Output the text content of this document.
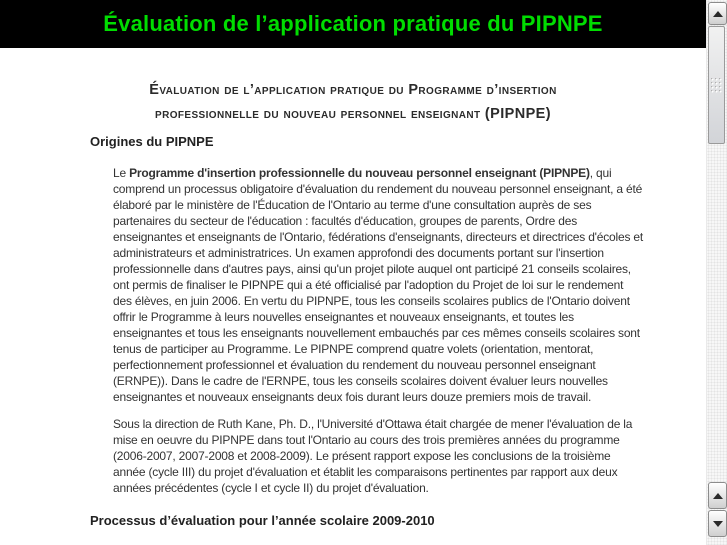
Évaluation de l’application pratique du PIPNPE
Évaluation de l’application pratique du Programme d’insertion
professionnelle du nouveau personnel enseignant (PIPNPE)
Origines du PIPNPE

Le Programme d'insertion professionnelle du nouveau personnel enseignant (PIPNPE), qui comprend un processus obligatoire d'évaluation du rendement du nouveau personnel enseignant, a été élaboré par le ministère de l'Éducation de l'Ontario au terme d'une consultation auprès de ses partenaires du secteur de l'éducation : facultés d'éducation, groupes de parents, Ordre des enseignantes et enseignants de l'Ontario, fédérations d'enseignants, directeurs et directrices d'écoles et administrateurs et administratrices. Un examen approfondi des documents portant sur l'insertion professionnelle dans d'autres pays, ainsi qu'un projet pilote auquel ont participé 21 conseils scolaires, ont permis de finaliser le PIPNPE qui a été officialisé par l'adoption du Projet de loi sur le rendement des élèves, en juin 2006. En vertu du PIPNPE, tous les conseils scolaires publics de l'Ontario doivent offrir le Programme à leurs nouvelles enseignantes et nouveaux enseignants, et toutes les enseignantes et tous les enseignants nouvellement embauchés par ces mêmes conseils scolaires sont tenus de participer au Programme. Le PIPNPE comprend quatre volets (orientation, mentorat, perfectionnement professionnel et évaluation du rendement du nouveau personnel enseignant (ERNPE)). Dans le cadre de l'ERNPE, tous les conseils scolaires doivent évaluer leurs nouvelles enseignantes et nouveaux enseignants deux fois durant leurs douze premiers mois de travail.

Sous la direction de Ruth Kane, Ph. D., l'Université d'Ottawa était chargée de mener l'évaluation de la mise en oeuvre du PIPNPE dans tout l'Ontario au cours des trois premières années du programme (2006-2007, 2007-2008 et 2008-2009). Le présent rapport expose les conclusions de la troisième année (cycle III) du projet d'évaluation et établit les comparaisons pertinentes par rapport aux deux années précédentes (cycle I et cycle II) du projet d'évaluation.

Processus d’évaluation pour l’année scolaire 2009-2010
